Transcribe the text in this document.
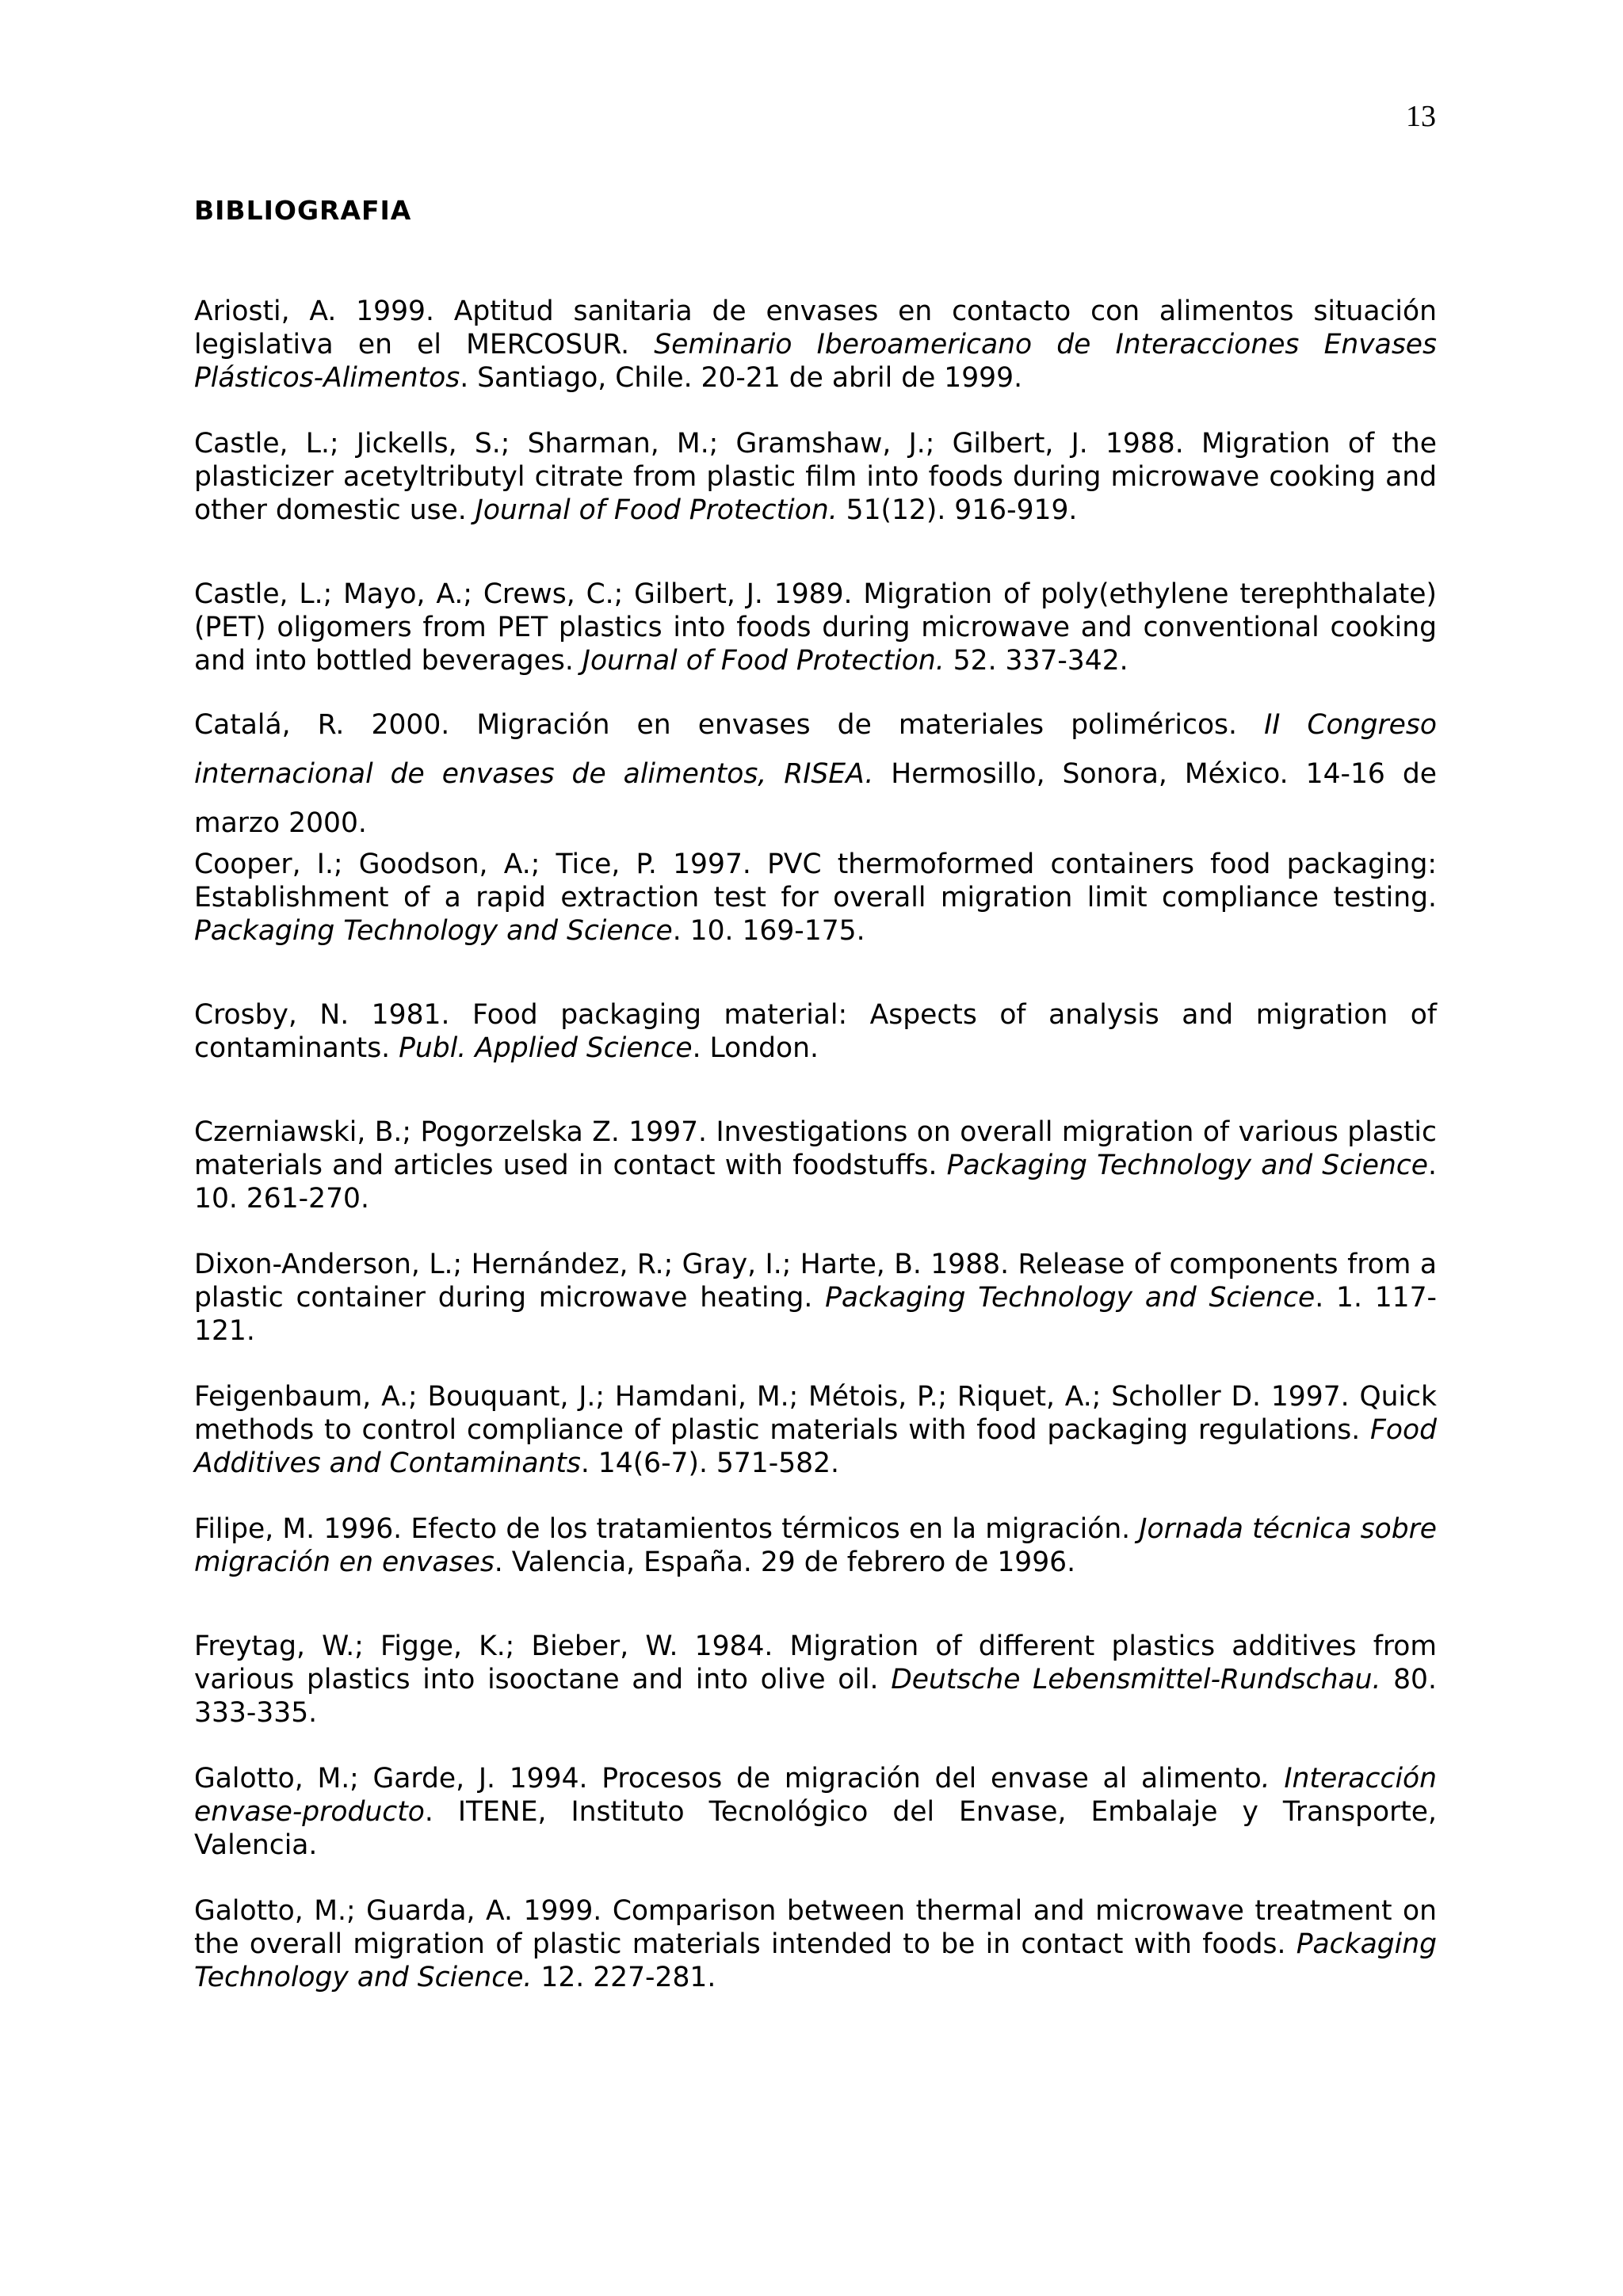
13
BIBLIOGRAFIA

Ariosti, A. 1999. Aptitud sanitaria de envases en contacto con alimentos situación legislativa en el MERCOSUR. Seminario Iberoamericano de Interacciones Envases Plásticos-Alimentos. Santiago, Chile. 20-21 de abril de 1999.

Castle, L.; Jickells, S.; Sharman, M.; Gramshaw, J.; Gilbert, J. 1988. Migration of the plasticizer acetyltributyl citrate from plastic film into foods during microwave cooking and other domestic use. Journal of Food Protection. 51(12). 916-919.

Castle, L.; Mayo, A.; Crews, C.; Gilbert, J. 1989. Migration of poly(ethylene terephthalate) (PET) oligomers from PET plastics into foods during microwave and conventional cooking and into bottled beverages. Journal of Food Protection. 52. 337-342.

Catalá, R. 2000. Migración en envases de materiales poliméricos. II Congreso internacional de envases de alimentos, RISEA. Hermosillo, Sonora, México. 14-16 de marzo 2000.

Cooper, I.; Goodson, A.; Tice, P. 1997. PVC thermoformed containers food packaging: Establishment of a rapid extraction test for overall migration limit compliance testing. Packaging Technology and Science. 10. 169-175.

Crosby, N. 1981. Food packaging material: Aspects of analysis and migration of contaminants. Publ. Applied Science. London.

Czerniawski, B.; Pogorzelska Z. 1997. Investigations on overall migration of various plastic materials and articles used in contact with foodstuffs. Packaging Technology and Science. 10. 261-270.

Dixon-Anderson, L.; Hernández, R.; Gray, I.; Harte, B. 1988. Release of components from a plastic container during microwave heating. Packaging Technology and Science. 1. 117-121.

Feigenbaum, A.; Bouquant, J.; Hamdani, M.; Métois, P.; Riquet, A.; Scholler D. 1997. Quick methods to control compliance of plastic materials with food packaging regulations. Food Additives and Contaminants. 14(6-7). 571-582.

Filipe, M. 1996. Efecto de los tratamientos térmicos en la migración. Jornada técnica sobre migración en envases. Valencia, España. 29 de febrero de 1996.

Freytag, W.; Figge, K.; Bieber, W. 1984. Migration of different plastics additives from various plastics into isooctane and into olive oil. Deutsche Lebensmittel-Rundschau. 80. 333-335.

Galotto, M.; Garde, J. 1994. Procesos de migración del envase al alimento. Interacción envase-producto. ITENE, Instituto Tecnológico del Envase, Embalaje y Transporte, Valencia.

Galotto, M.; Guarda, A. 1999. Comparison between thermal and microwave treatment on the overall migration of plastic materials intended to be in contact with foods. Packaging Technology and Science. 12. 227-281.
